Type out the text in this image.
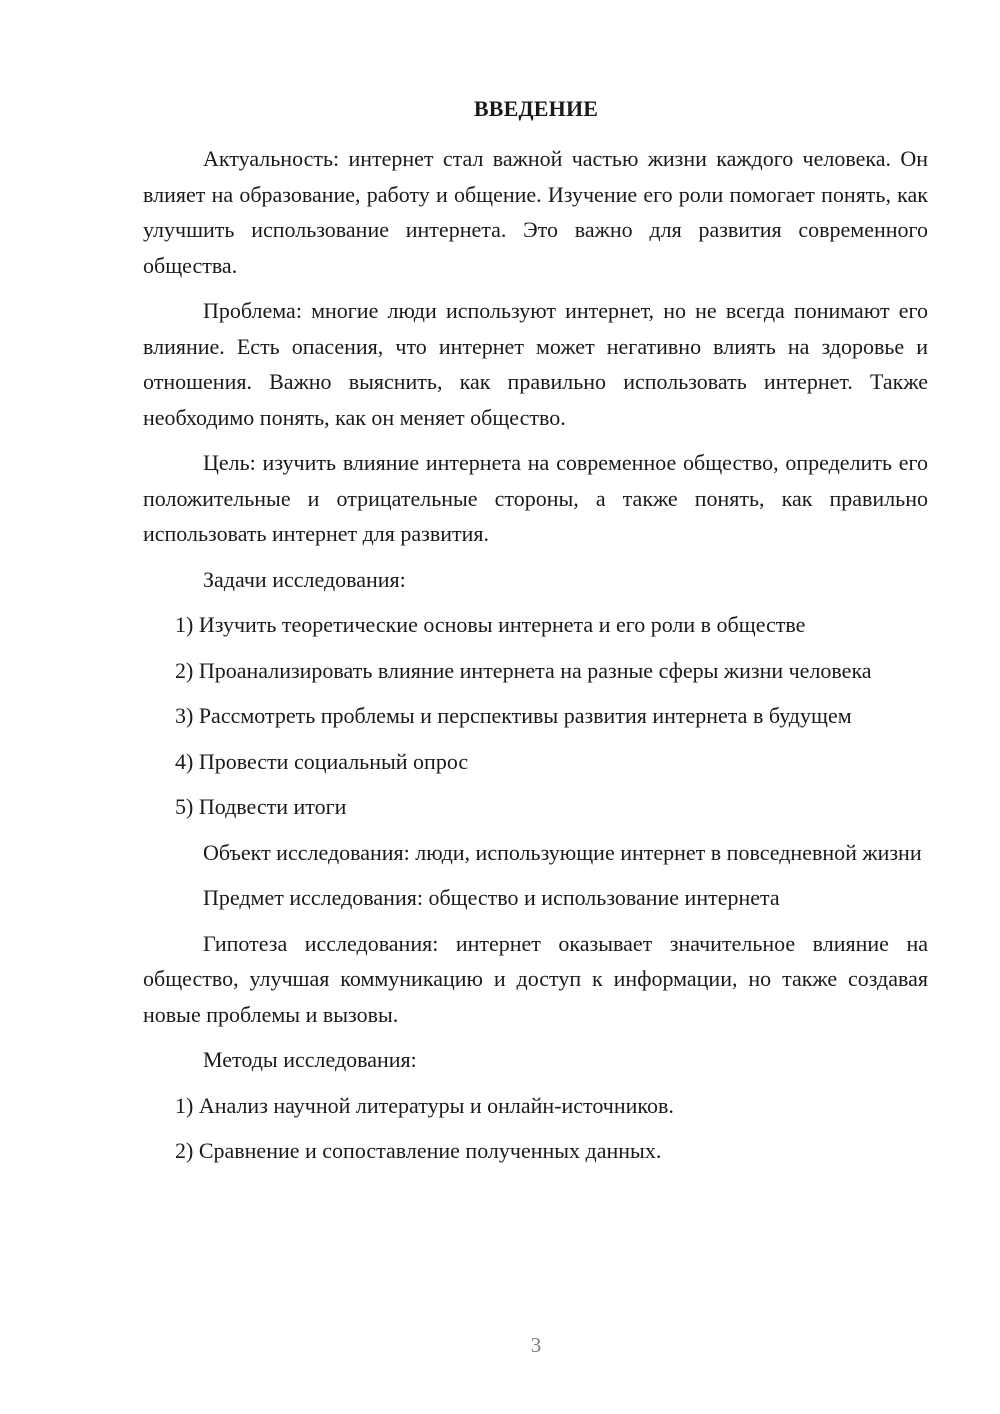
ВВЕДЕНИЕ

Актуальность: интернет стал важной частью жизни каждого человека. Он влияет на образование, работу и общение. Изучение его роли помогает понять, как улучшить использование интернета. Это важно для развития современного общества.

Проблема: многие люди используют интернет, но не всегда понимают его влияние. Есть опасения, что интернет может негативно влиять на здоровье и отношения. Важно выяснить, как правильно использовать интернет. Также необходимо понять, как он меняет общество.

Цель: изучить влияние интернета на современное общество, определить его положительные и отрицательные стороны, а также понять, как правильно использовать интернет для развития.

Задачи исследования:

1) Изучить теоретические основы интернета и его роли в обществе

2) Проанализировать влияние интернета на разные сферы жизни человека

3) Рассмотреть проблемы и перспективы развития интернета в будущем

4) Провести социальный опрос

5) Подвести итоги

Объект исследования: люди, использующие интернет в повседневной жизни

Предмет исследования: общество и использование интернета

Гипотеза исследования: интернет оказывает значительное влияние на общество, улучшая коммуникацию и доступ к информации, но также создавая новые проблемы и вызовы.

Методы исследования:

1) Анализ научной литературы и онлайн-источников.

2) Сравнение и сопоставление полученных данных.

3
